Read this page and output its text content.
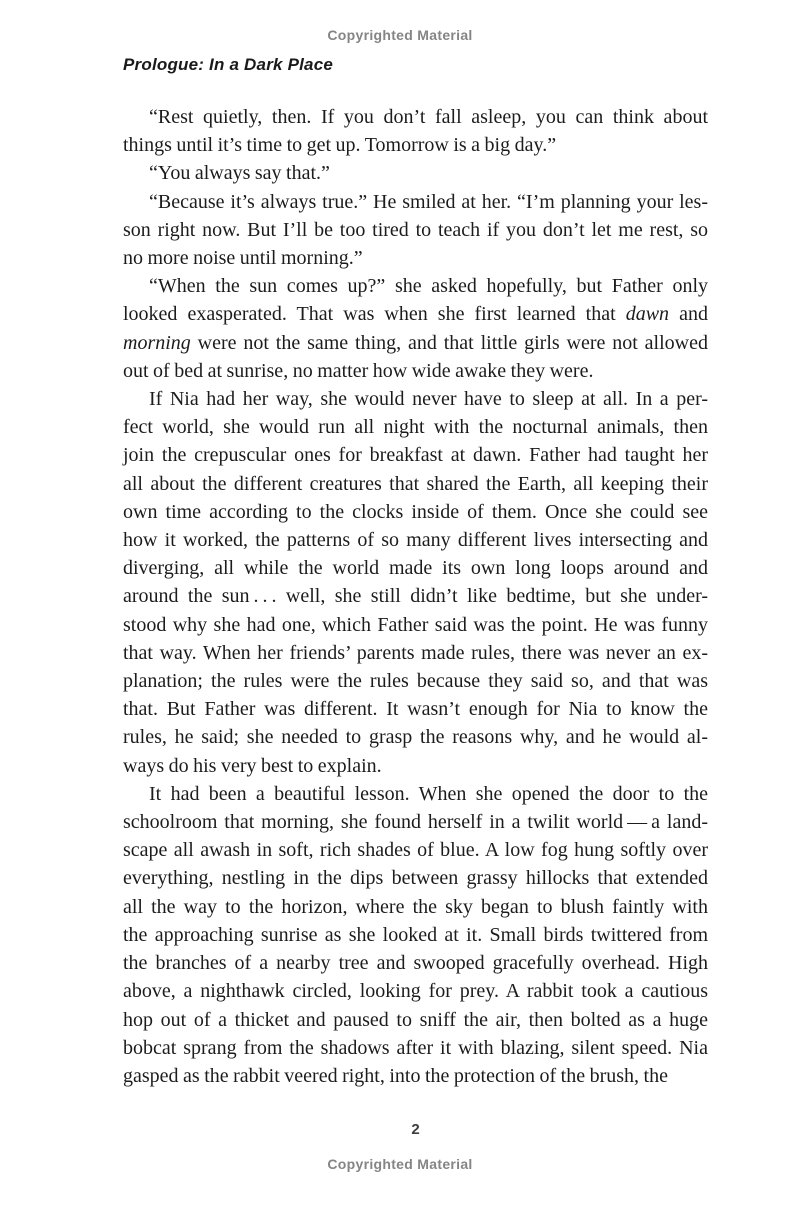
Copyrighted Material
Prologue: In a Dark Place
“Rest quietly, then. If you don’t fall asleep, you can think about
things until it’s time to get up. Tomorrow is a big day.”
“You always say that.”
“Because it’s always true.” He smiled at her. “I’m planning your les-
son right now. But I’ll be too tired to teach if you don’t let me rest, so
no more noise until morning.”
“When the sun comes up?” she asked hopefully, but Father only
looked exasperated. That was when she first learned that dawn and
morning were not the same thing, and that little girls were not allowed
out of bed at sunrise, no matter how wide awake they were.
If Nia had her way, she would never have to sleep at all. In a per-
fect world, she would run all night with the nocturnal animals, then
join the crepuscular ones for breakfast at dawn. Father had taught her
all about the different creatures that shared the Earth, all keeping their
own time according to the clocks inside of them. Once she could see
how it worked, the patterns of so many different lives intersecting and
diverging, all while the world made its own long loops around and
around the sun . . . well, she still didn’t like bedtime, but she under-
stood why she had one, which Father said was the point. He was funny
that way. When her friends’ parents made rules, there was never an ex-
planation; the rules were the rules because they said so, and that was
that. But Father was different. It wasn’t enough for Nia to know the
rules, he said; she needed to grasp the reasons why, and he would al-
ways do his very best to explain.
It had been a beautiful lesson. When she opened the door to the
schoolroom that morning, she found herself in a twilit world — a land-
scape all awash in soft, rich shades of blue. A low fog hung softly over
everything, nestling in the dips between grassy hillocks that extended
all the way to the horizon, where the sky began to blush faintly with
the approaching sunrise as she looked at it. Small birds twittered from
the branches of a nearby tree and swooped gracefully overhead. High
above, a nighthawk circled, looking for prey. A rabbit took a cautious
hop out of a thicket and paused to sniff the air, then bolted as a huge
bobcat sprang from the shadows after it with blazing, silent speed. Nia
gasped as the rabbit veered right, into the protection of the brush, the
2
Copyrighted Material
